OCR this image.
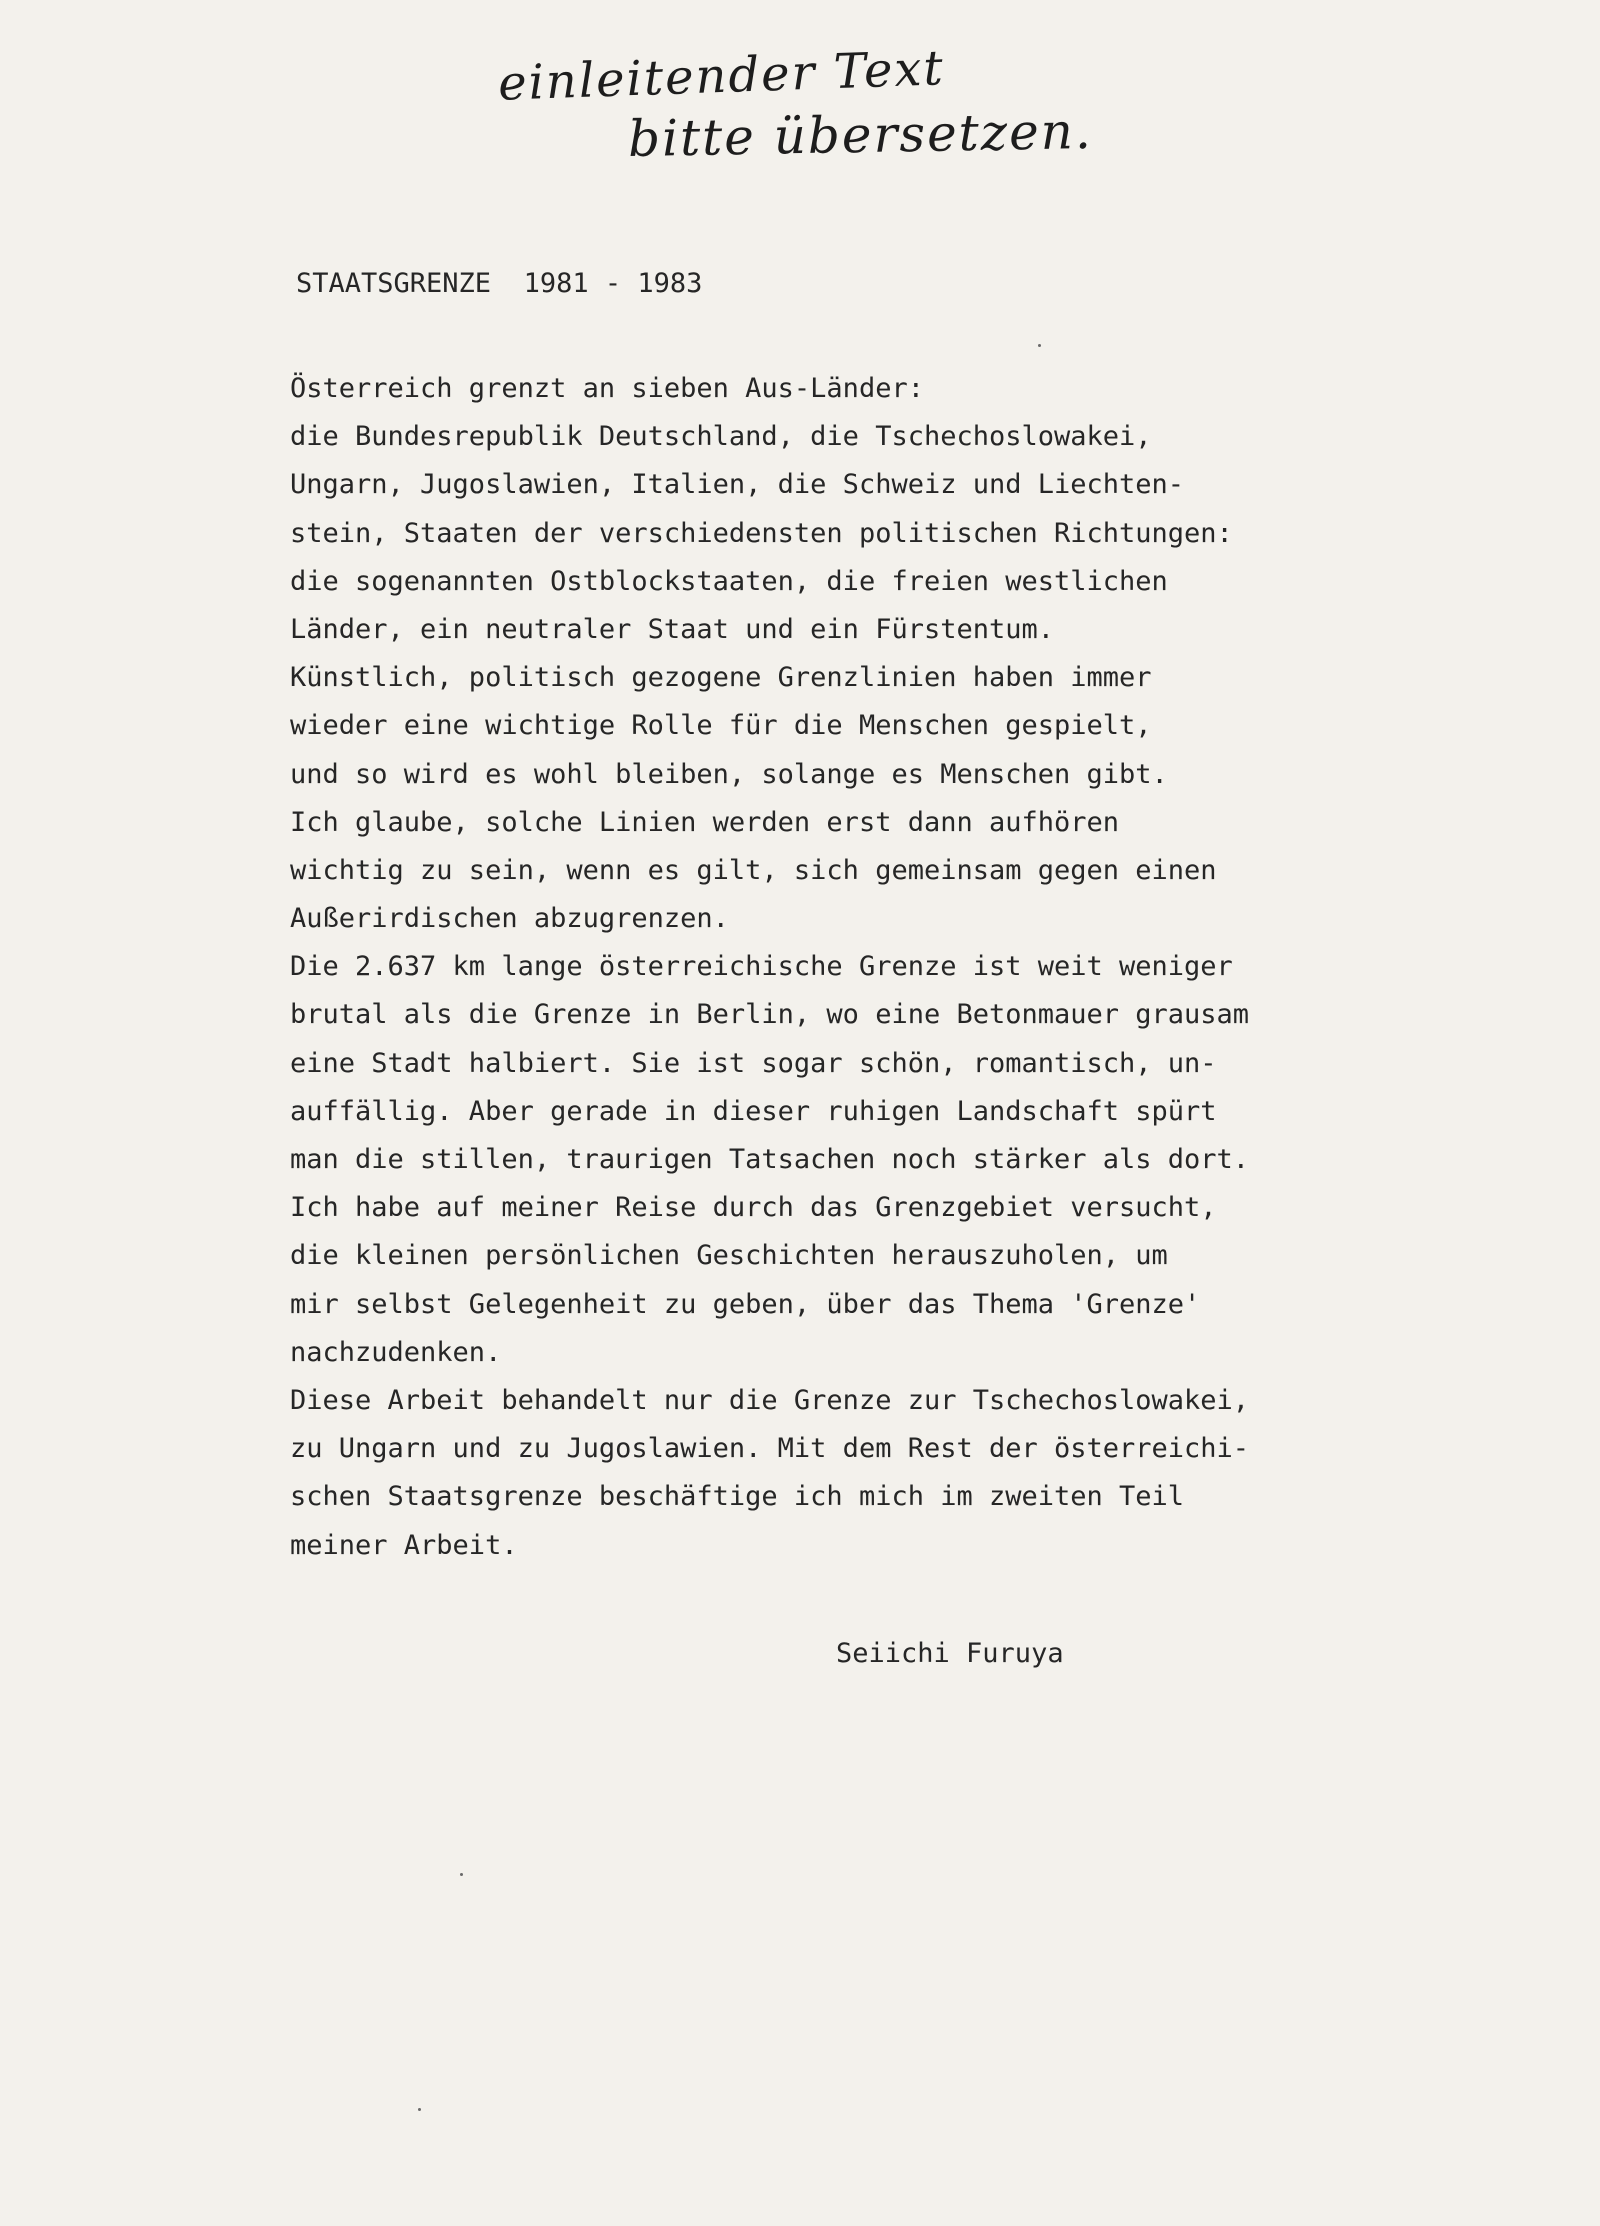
einleitender Text
bitte übersetzen.
STAATSGRENZE  1981 - 1983
Österreich grenzt an sieben Aus-Länder:
die Bundesrepublik Deutschland, die Tschechoslowakei,
Ungarn, Jugoslawien, Italien, die Schweiz und Liechten-
stein, Staaten der verschiedensten politischen Richtungen:
die sogenannten Ostblockstaaten, die freien westlichen
Länder, ein neutraler Staat und ein Fürstentum.
Künstlich, politisch gezogene Grenzlinien haben immer
wieder eine wichtige Rolle für die Menschen gespielt,
und so wird es wohl bleiben, solange es Menschen gibt.
Ich glaube, solche Linien werden erst dann aufhören
wichtig zu sein, wenn es gilt, sich gemeinsam gegen einen
Außerirdischen abzugrenzen.
Die 2.637 km lange österreichische Grenze ist weit weniger
brutal als die Grenze in Berlin, wo eine Betonmauer grausam
eine Stadt halbiert. Sie ist sogar schön, romantisch, un-
auffällig. Aber gerade in dieser ruhigen Landschaft spürt
man die stillen, traurigen Tatsachen noch stärker als dort.
Ich habe auf meiner Reise durch das Grenzgebiet versucht,
die kleinen persönlichen Geschichten herauszuholen, um
mir selbst Gelegenheit zu geben, über das Thema 'Grenze'
nachzudenken.
Diese Arbeit behandelt nur die Grenze zur Tschechoslowakei,
zu Ungarn und zu Jugoslawien. Mit dem Rest der österreichi-
schen Staatsgrenze beschäftige ich mich im zweiten Teil
meiner Arbeit.
Seiichi Furuya
